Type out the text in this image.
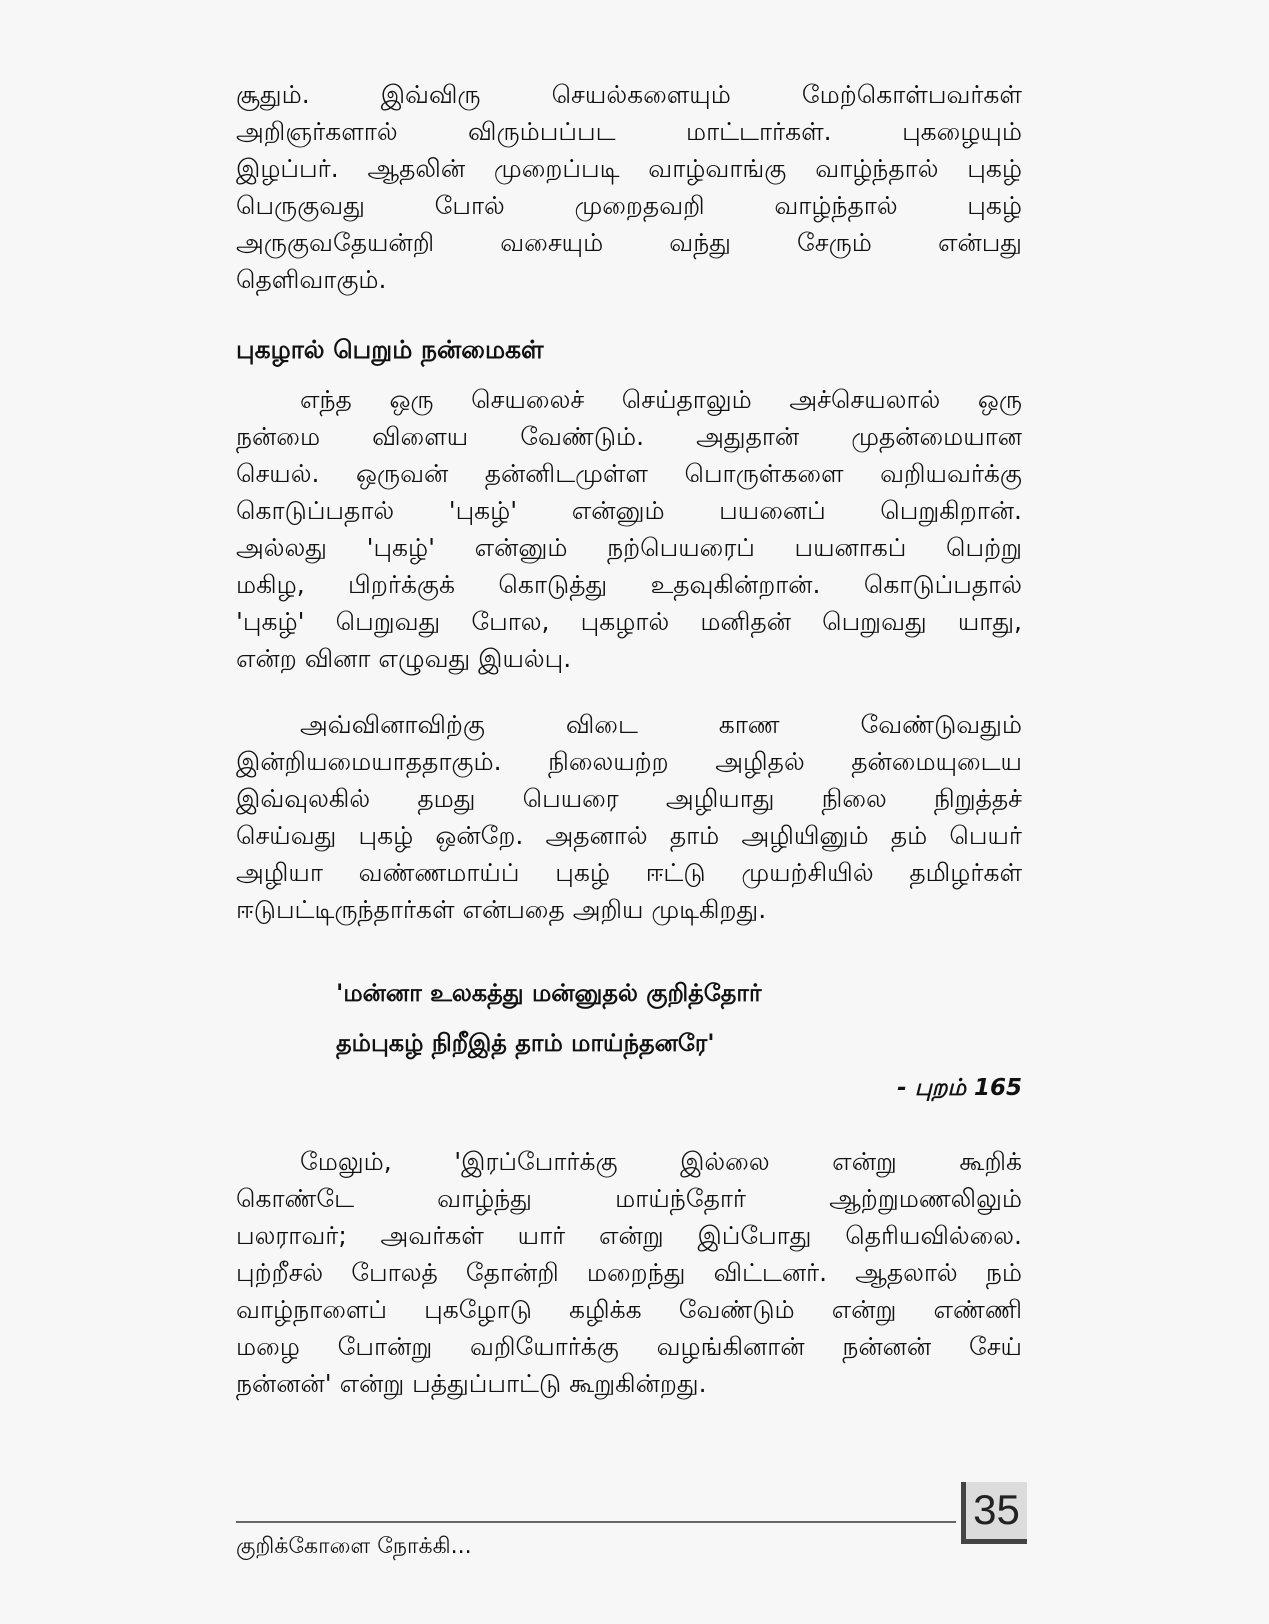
சூதும். இவ்விரு செயல்களையும் மேற்கொள்பவர்கள்
அறிஞர்களால் விரும்பப்பட மாட்டார்கள். புகழையும்
இழப்பர். ஆதலின் முறைப்படி வாழ்வாங்கு வாழ்ந்தால் புகழ்
பெருகுவது போல் முறைதவறி வாழ்ந்தால் புகழ்
அருகுவதேயன்றி வசையும் வந்து சேரும் என்பது
தெளிவாகும்.
புகழால் பெறும் நன்மைகள்
எந்த ஒரு செயலைச் செய்தாலும் அச்செயலால் ஒரு
நன்மை விளைய வேண்டும். அதுதான் முதன்மையான
செயல். ஒருவன் தன்னிடமுள்ள பொருள்களை வறியவர்க்கு
கொடுப்பதால் 'புகழ்' என்னும் பயனைப் பெறுகிறான்.
அல்லது 'புகழ்' என்னும் நற்பெயரைப் பயனாகப் பெற்று
மகிழ, பிறர்க்குக் கொடுத்து உதவுகின்றான். கொடுப்பதால்
'புகழ்' பெறுவது போல, புகழால் மனிதன் பெறுவது யாது,
என்ற வினா எழுவது இயல்பு.
அவ்வினாவிற்கு விடை காண வேண்டுவதும்
இன்றியமையாததாகும். நிலையற்ற அழிதல் தன்மையுடைய
இவ்வுலகில் தமது பெயரை அழியாது நிலை நிறுத்தச்
செய்வது புகழ் ஒன்றே. அதனால் தாம் அழியினும் தம் பெயர்
அழியா வண்ணமாய்ப் புகழ் ஈட்டு முயற்சியில் தமிழர்கள்
ஈடுபட்டிருந்தார்கள் என்பதை அறிய முடிகிறது.
'மன்னா உலகத்து மன்னுதல் குறித்தோர்
தம்புகழ் நிறீஇத் தாம் மாய்ந்தனரே'
- புறம் 165
மேலும், 'இரப்போர்க்கு இல்லை என்று கூறிக்
கொண்டே வாழ்ந்து மாய்ந்தோர் ஆற்றுமணலிலும்
பலராவர்; அவர்கள் யார் என்று இப்போது தெரியவில்லை.
புற்றீசல் போலத் தோன்றி மறைந்து விட்டனர். ஆதலால் நம்
வாழ்நாளைப் புகழோடு கழிக்க வேண்டும் என்று எண்ணி
மழை போன்று வறியோர்க்கு வழங்கினான் நன்னன் சேய்
நன்னன்' என்று பத்துப்பாட்டு கூறுகின்றது.
குறிக்கோளை நோக்கி...
35
